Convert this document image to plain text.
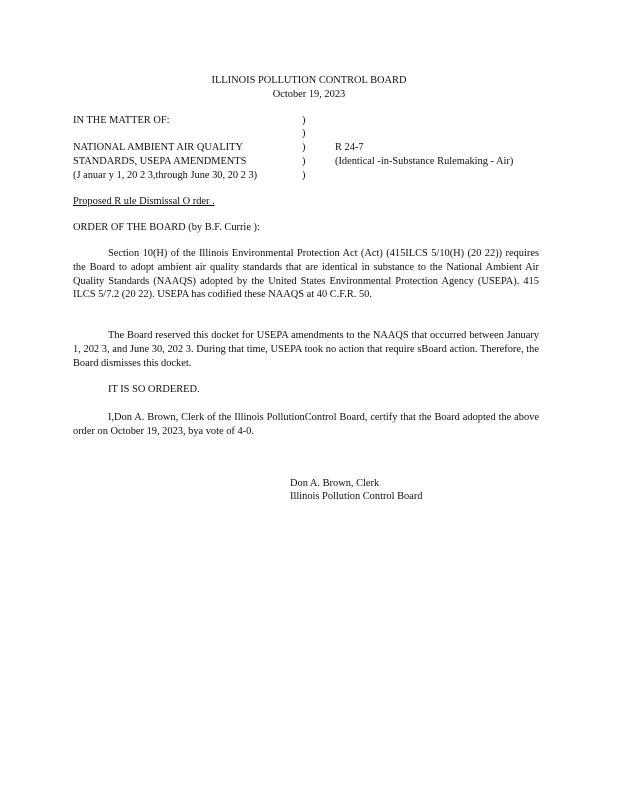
ILLINOIS POLLUTION CONTROL BOARD
October 19, 2023
IN THE MATTER OF:	)
)
)
)
)
NATIONAL AMBIENT AIR QUALITY
STANDARDS, USEPA AMENDMENTS
(J anuar y 1, 20 2 3,through June 30, 20 2 3)
R 24-7
(Identical -in-Substance Rulemaking - Air)
Proposed R ule Dismissal O rder .
ORDER OF THE BOARD (by B.F. Currie ):
Section 10(H) of the Illinois Environmental Protection Act (Act) (415ILCS 5/10(H) (20 22)) requires the Board to adopt ambient air quality standards that are identical in substance to the National Ambient Air Quality Standards (NAAQS) adopted by the United States Environmental Protection Agency (USEPA). 415 ILCS 5/7.2 (20 22). USEPA has codified these NAAQS at 40 C.F.R. 50.
The Board reserved this docket for USEPA amendments to the NAAQS that occurred between January 1, 202 3, and June 30, 202 3. During that time, USEPA took no action that require sBoard action. Therefore, the Board dismisses this docket.
IT IS SO ORDERED.
I,Don A. Brown, Clerk of the Illinois PollutionControl Board, certify that the Board adopted the above order on October 19, 2023, bya vote of 4-0.
Don A. Brown, Clerk
Illinois Pollution Control Board
